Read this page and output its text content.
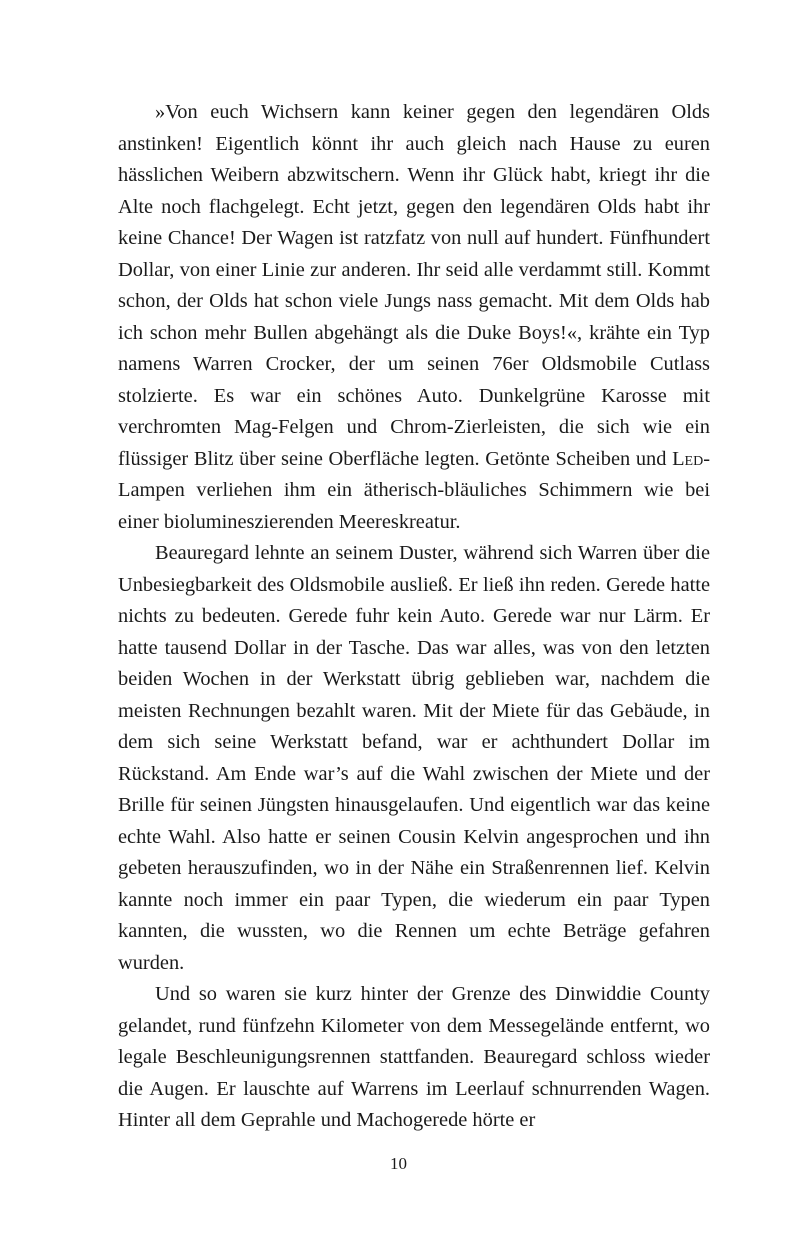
»Von euch Wichsern kann keiner gegen den legendären Olds anstinken! Eigentlich könnt ihr auch gleich nach Hause zu euren hässlichen Weibern abzwitschern. Wenn ihr Glück habt, kriegt ihr die Alte noch flachgelegt. Echt jetzt, gegen den legendären Olds habt ihr keine Chance! Der Wagen ist ratzfatz von null auf hundert. Fünfhundert Dollar, von einer Linie zur anderen. Ihr seid alle verdammt still. Kommt schon, der Olds hat schon viele Jungs nass gemacht. Mit dem Olds hab ich schon mehr Bullen abgehängt als die Duke Boys!«, krähte ein Typ namens Warren Crocker, der um seinen 76er Oldsmobile Cutlass stolzierte. Es war ein schönes Auto. Dunkelgrüne Karosse mit verchromten Mag-Felgen und Chrom-Zierleisten, die sich wie ein flüssiger Blitz über seine Oberfläche legten. Getönte Scheiben und Led-Lampen verliehen ihm ein ätherisch-bläuliches Schimmern wie bei einer biolumineszierenden Meereskreatur.

Beauregard lehnte an seinem Duster, während sich Warren über die Unbesiegbarkeit des Oldsmobile ausließ. Er ließ ihn reden. Gerede hatte nichts zu bedeuten. Gerede fuhr kein Auto. Gerede war nur Lärm. Er hatte tausend Dollar in der Tasche. Das war alles, was von den letzten beiden Wochen in der Werkstatt übrig geblieben war, nachdem die meisten Rechnungen bezahlt waren. Mit der Miete für das Gebäude, in dem sich seine Werkstatt befand, war er achthundert Dollar im Rückstand. Am Ende war’s auf die Wahl zwischen der Miete und der Brille für seinen Jüngsten hinausgelaufen. Und eigentlich war das keine echte Wahl. Also hatte er seinen Cousin Kelvin angesprochen und ihn gebeten herauszufinden, wo in der Nähe ein Straßenrennen lief. Kelvin kannte noch immer ein paar Typen, die wiederum ein paar Typen kannten, die wussten, wo die Rennen um echte Beträge gefahren wurden.

Und so waren sie kurz hinter der Grenze des Dinwiddie County gelandet, rund fünfzehn Kilometer von dem Messegelände entfernt, wo legale Beschleunigungsrennen stattfanden. Beauregard schloss wieder die Augen. Er lauschte auf Warrens im Leerlauf schnurrenden Wagen. Hinter all dem Geprahle und Machogerede hörte er

10
